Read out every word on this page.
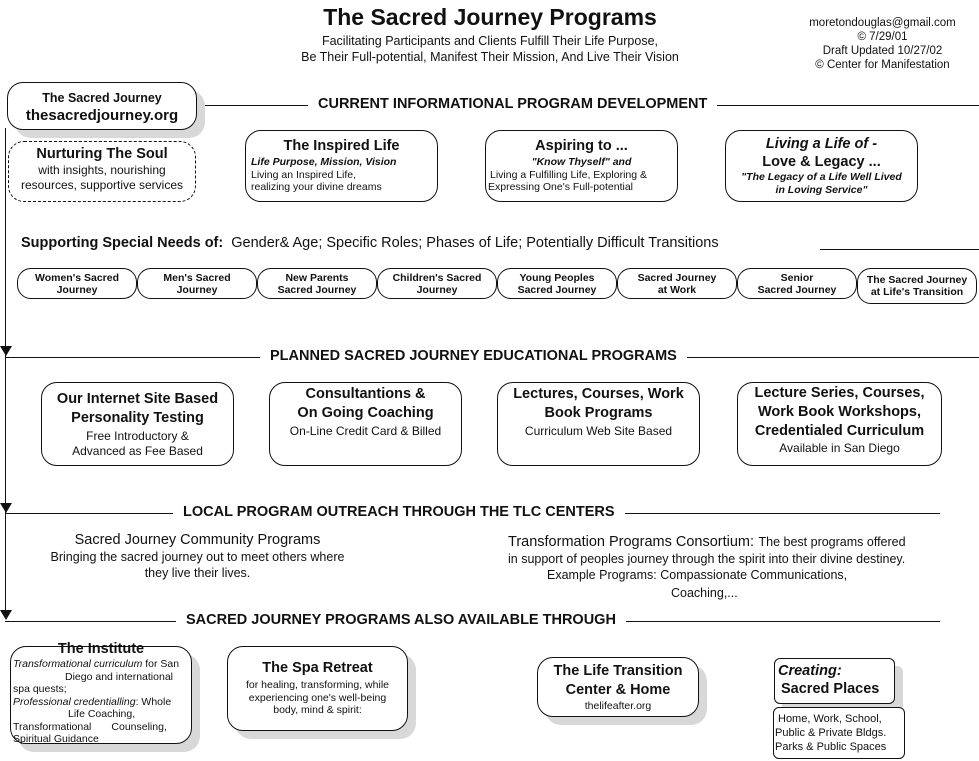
The Sacred Journey Programs
Facilitating Participants and Clients Fulfill Their Life Purpose,
Be Their Full-potential, Manifest Their Mission, And Live Their Vision
moretondouglas@gmail.com
© 7/29/01
Draft Updated 10/27/02
© Center for Manifestation
CURRENT INFORMATIONAL PROGRAM DEVELOPMENT
PLANNED SACRED JOURNEY EDUCATIONAL PROGRAMS
LOCAL PROGRAM OUTREACH THROUGH THE TLC CENTERS
SACRED JOURNEY PROGRAMS ALSO AVAILABLE THROUGH
The Sacred Journey
thesacredjourney.org
Nurturing The Soul
with insights, nourishing
resources, supportive services
The Inspired Life
Life Purpose, Mission, Vision
Living an Inspired Life,
realizing your divine dreams
Aspiring to ...
"Know Thyself" and
Living a Fulfilling Life, Exploring &
Expressing One's Full-potential
Living a Life of -
Love & Legacy ...
"The Legacy of a Life Well Lived
in Loving Service"
Supporting Special Needs of: Gender& Age; Specific Roles; Phases of Life; Potentially Difficult Transitions
Women's Sacred
Journey
Men's Sacred
Journey
New Parents
Sacred Journey
Children's Sacred
Journey
Young Peoples
Sacred Journey
Sacred Journey
at Work
Senior
Sacred Journey
The Sacred Journey
at Life's Transition
Our Internet Site Based
Personality Testing
Free Introductory &
Advanced as Fee Based
Consultantions &
On Going Coaching
On-Line Credit Card & Billed
Lectures, Courses, Work
Book Programs
Curriculum Web Site Based
Lecture Series, Courses,
Work Book Workshops,
Credentialed Curriculum
Available in San Diego
Sacred Journey Community Programs
Bringing the sacred journey out to meet others where
they live their lives.
Transformation Programs Consortium: The best programs offered
in support of peoples journey through the spirit into their divine destiney.
Example Programs: Compassionate Communications,
Coaching,...
The Institute
Transformational curriculum for San
Diego and international
spa quests;
Professional credentialling: Whole
Life Coaching,
Transformational Counseling,
Spiritual Guidance
The Spa Retreat
for healing, transforming, while
experiencing one's well-being
body, mind & spirit:
The Life Transition
Center & Home
thelifeafter.org
Creating:
Sacred Places
Home, Work, School,
Public & Private Bldgs.
Parks & Public Spaces
